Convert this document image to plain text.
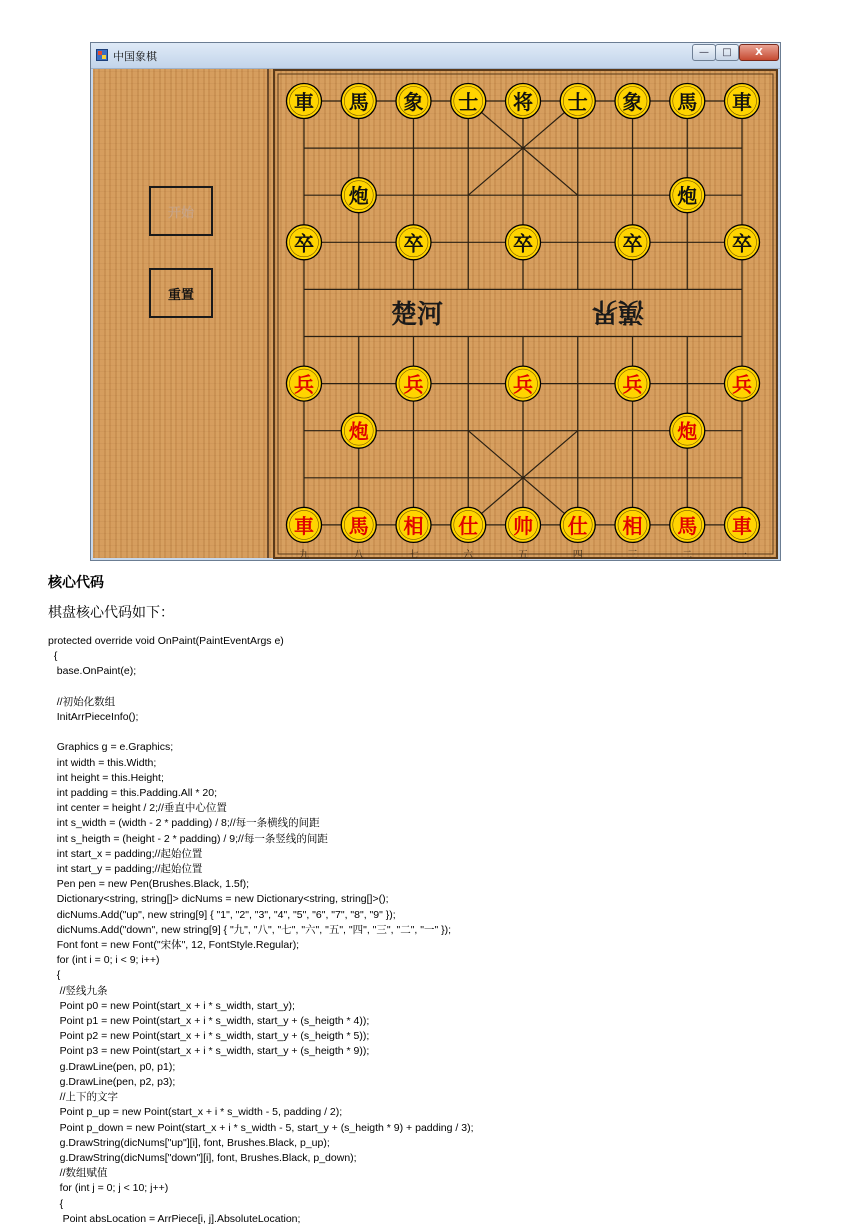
中国象棋	— □ X
开始
重置
楚河	漢界
九	八	七	六	五	四	三	二	一
車 馬 象 士 将 士 象 馬 車
炮	炮
卒	卒	卒	卒	卒
兵	兵	兵	兵	兵
炮	炮
車 馬 相 仕 帅 仕 相 馬 車
核心代码
棋盘核心代码如下：
protected override void OnPaint(PaintEventArgs e)
{
base.OnPaint(e);

//初始化数组
InitArrPieceInfo();

Graphics g = e.Graphics;
int width = this.Width;
int height = this.Height;
int padding = this.Padding.All * 20;
int center = height / 2;//垂直中心位置
int s_width = (width - 2 * padding) / 8;//每一条横线的间距
int s_heigth = (height - 2 * padding) / 9;//每一条竖线的间距
int start_x = padding;//起始位置
int start_y = padding;//起始位置
Pen pen = new Pen(Brushes.Black, 1.5f);
Dictionary<string, string[]> dicNums = new Dictionary<string, string[]>();
dicNums.Add("up", new string[9] { "1", "2", "3", "4", "5", "6", "7", "8", "9" });
dicNums.Add("down", new string[9] { "九", "八", "七", "六", "五", "四", "三", "二", "一" });
Font font = new Font("宋体", 12, FontStyle.Regular);
for (int i = 0; i < 9; i++)
{
//竖线九条
Point p0 = new Point(start_x + i * s_width, start_y);
Point p1 = new Point(start_x + i * s_width, start_y + (s_heigth * 4));
Point p2 = new Point(start_x + i * s_width, start_y + (s_heigth * 5));
Point p3 = new Point(start_x + i * s_width, start_y + (s_heigth * 9));
g.DrawLine(pen, p0, p1);
g.DrawLine(pen, p2, p3);
//上下的文字
Point p_up = new Point(start_x + i * s_width - 5, padding / 2);
Point p_down = new Point(start_x + i * s_width - 5, start_y + (s_heigth * 9) + padding / 3);
g.DrawString(dicNums["up"][i], font, Brushes.Black, p_up);
g.DrawString(dicNums["down"][i], font, Brushes.Black, p_down);
//数组赋值
for (int j = 0; j < 10; j++)
{
Point absLocation = ArrPiece[i, j].AbsoluteLocation;
